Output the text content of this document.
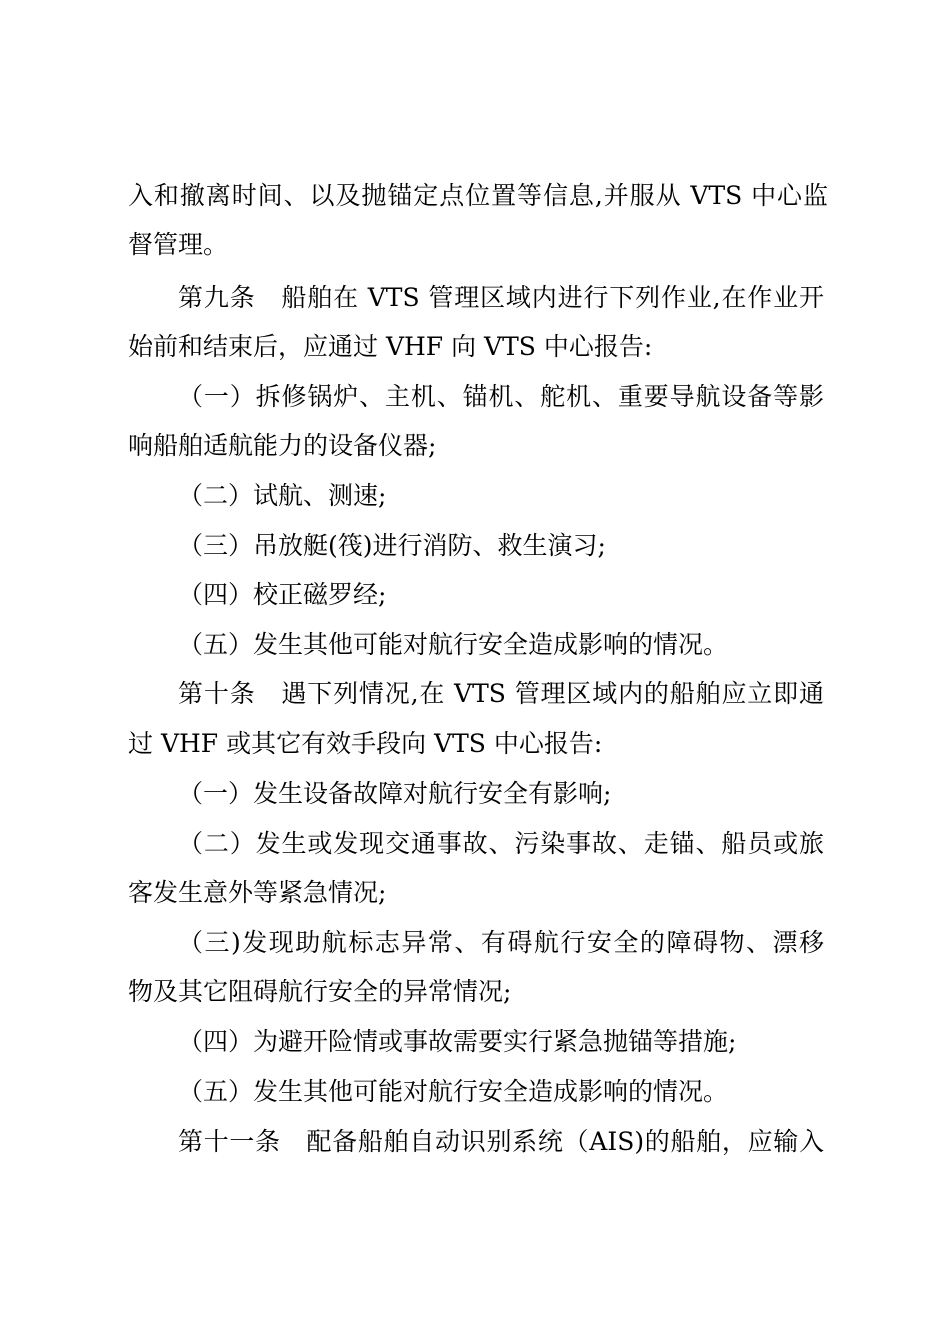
入和撤离时间、以及抛锚定点位置等信息,并服从 VTS 中心监
督管理。
第九条　船舶在 VTS 管理区域内进行下列作业,在作业开
始前和结束后，应通过 VHF 向 VTS 中心报告:
（一）拆修锅炉、主机、锚机、舵机、重要导航设备等影
响船舶适航能力的设备仪器;
（二）试航、测速;
（三）吊放艇(筏)进行消防、救生演习;
（四）校正磁罗经;
（五）发生其他可能对航行安全造成影响的情况。
第十条　遇下列情况,在 VTS 管理区域内的船舶应立即通
过 VHF 或其它有效手段向 VTS 中心报告:
（一）发生设备故障对航行安全有影响;
（二）发生或发现交通事故、污染事故、走锚、船员或旅
客发生意外等紧急情况;
（三)发现助航标志异常、有碍航行安全的障碍物、漂移
物及其它阻碍航行安全的异常情况;
（四）为避开险情或事故需要实行紧急抛锚等措施;
（五）发生其他可能对航行安全造成影响的情况。
第十一条　配备船舶自动识别系统（AIS)的船舶，应输入
